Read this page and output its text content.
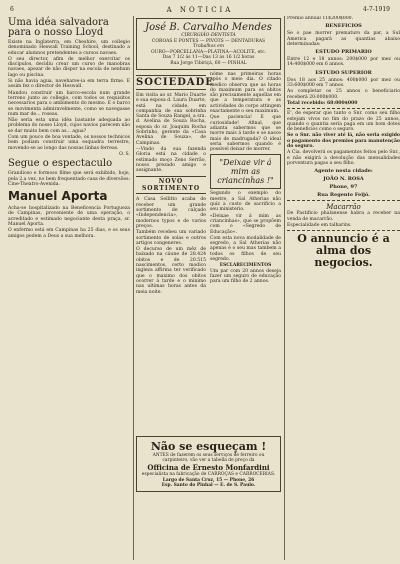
6	A NOTICIA	4-7-1919
Uma idéa salvadora para o nosso Lloyd

Existe na Inglaterra, em Cheshire, um collegio denominado Heswall Training School, destinado a educar alumnos pretendentes a cursos navaes.

O seu director, afim de melhor exercitar os discipulos, decidiu crear um curso de manobras navaes, apezar de não dispor na escola de nenhum lago ou piscina.

Si não havia agua, naveharse-ia em terra firme. E assim fez o director de Heswall.

Mandou construir um barco-escola num grande terreno junto ao collegio, com todos os requisitos necessarios para o ambimento do mesmo. E o barco se movimenta admiravelmente, como se navegasse num mar de... roseas.

Não seria esta uma idéa bastante adequada ao problema do nosso Lloyd, cujos navios parecem não se dar muito bem com as... agua?

Com um pouco de boa vontade, os nossos technicos bem podiam construir uma esquadra terrestre, movendo-se ao longo das nossas linhas ferreas.

O. S.

Segue o espectaculo

Grandioso e formoso filme que será exhibido, hoje, pela 2.a vez, no bem frequentado casa de diversões: Cine-Theatro-Avenida.

Manuel Aporta

Acha-se hospitalizado na Beneficencia Portugueza de Campinas, proveniente de uma operação, o acreditado e estimado negociante desta praça, sr. Manuel Aporta.

O enfermo está em Campinas ha 25 dias, e os seus amigos pedem a Deus a sua melhora.

José B. Carvalho Mendes
CIRURGIÃO-DENTISTA
COROAS E PONTES — PIVOTS — DENTADURAS
Trabalhos em
OURO—PORCELLANA—PLATINA—ACOLITE, etc.
Das 7 1/2 ás 11—Das 13 ás 16 1/2 horas
Rua Jorge Tibiriçá, 60 — PINHAL
SOCIEDADE

Em visita ao sr. Mario Duarte e sua esposa d. Laura Duarte, está na cidade, em companhia de sua sobrinha Santa de Souza Rangel, a sra. d. Avelina de Souza Rocha, esposa do sr. Joaquim Rocha Sobrinho, gerente da «Casa Avelina de Souza», de Campinas.

—Vindo da sua fazenda Gloria está na cidade o estimado moço Zeno Serrão, nosso prezado amigo e assignante.

NOVO SORTIMENTO

A Casa Sellitto acaba de receber um grande sortimento de calçado «Independencia», de modernos typos e de varios preços.

Também recebeu um variado sortimento de solas e outros artigos congeneres.

O decurso de um mêz de baixado na cáune de 28.424 obitos e de 20.515 nascimentos, certo modico ingleza affirma ter verificado que o maximo dos obitos ocorrer á tarde e o minimo nas ultimas horas antes da meia noite.

nóme nas primeiras horas após o meio dia. O citado medico observa que as horas do maximum para os obitos são precisamente aquellas em que a temperatura e as actividades do corpo attingem exactamente o seu maximum.

Que paciencia! E que curiosidade! Afinal, que adianta sabermos que se morre mais á tarde e se nasce mais de madrugada? O ideal seria sabermos quando é possivel deixar de morrer.

"Deixae vir á mim as criancinhas !"

Segundo o exemplo do mestre, a Sal Atherias não quiz a custo de sacrificio a seu ministerio.

«Deixae vir á mim as criancinhas», que se propõem com o «Segredo de Educação».

Com esta nova modalidade de segredo, a Sal Atherias não apenas é o seu mas tambem a todos os filhos de seu segredo.

ESCLARECIMENTOS

Um par com 20 annos deseja fazer um seguro de educação para um filho de 2 annos.

Não se esqueçam !
ANTES de fazerem os seus serviços de ferreiro ou carpinteiro, vão ver a tabella de preço da
Officina de Ernesto Monfardini
especialista na fabricação de CARROÇAS e CARROCERIAS.
Largo de Santa Cruz, 15 — Phone, 26
Esp. Santo do Pinhal — E. de S. Paulo.

Premio annual 11$200$000.

BENEFICIOS

Se o pae morrer prematuro da par, a Sul America pagará as quantias abaixo determinadas:

ESTUDO PRIMARIO

Entre 12 e 18 annos: 200$000 por mez ou 14:400$000 em 6 annos.

ESTUDO SUPERIOR

Dos 18 aos 25 annos: 400$000 por mez ou 33:600$000 em 7 annos.

Ao completar os 25 annos o beneficiario receberá 20:000$000.

Total recebido: 68:000$000

E', de esperar que tanto o Snr. como seu filho estejam vivos no fim do prazo de 25 annos, quando o quantia sería paga em um bom dotes de beneficios como o seguro.

Se o Snr. não viver até lá, não seria exigido o pagamento dos premios para manutenção do seguro.

A Cia. devolverá os pagamentos feitos pelo Snr., e não exigirá a devolução das mensalidades porventura pagas a seu filho.

Agente nesta cidade:
JOÃO N. ROSA
Phone, 97
Rua Regente Feijó.
Macarrão

De Pastificio phalanense habra a receber na venda de macarrão.

Especialidade em talharins.

O annuncio é a alma dos negocios.
